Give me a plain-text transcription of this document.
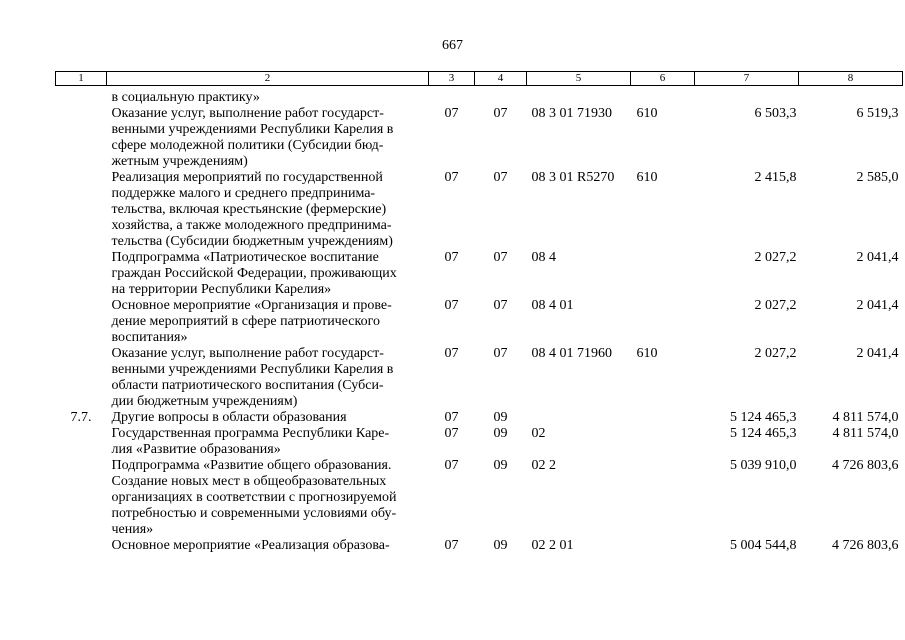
667
1	2	3	4	5	6	7	8

	в социальную практику»						

	Оказание услуг, выполнение работ государст-
венными учреждениями Республики Карелия в
сфере молодежной политики (Субсидии бюд-
жетным учреждениям)	07	07	08 3 01 71930	610	6 503,3	6 519,3

	Реализация мероприятий по государственной
поддержке малого и среднего предпринима-
тельства, включая крестьянские (фермерские)
хозяйства, а также молодежного предпринима-
тельства (Субсидии бюджетным учреждениям)	07	07	08 3 01 R5270	610	2 415,8	2 585,0

	Подпрограмма «Патриотическое воспитание
граждан Российской Федерации, проживающих
на территории Республики Карелия»	07	07	08 4		2 027,2	2 041,4

	Основное мероприятие «Организация и прове-
дение мероприятий в сфере патриотического
воспитания»	07	07	08 4 01		2 027,2	2 041,4

	Оказание услуг, выполнение работ государст-
венными учреждениями Республики Карелия в
области патриотического воспитания (Субси-
дии бюджетным учреждениям)	07	07	08 4 01 71960	610	2 027,2	2 041,4
7.7.	Другие вопросы в области образования	07	09			5 124 465,3	4 811 574,0

	Государственная программа Республики Каре-
лия «Развитие образования»	07	09	02		5 124 465,3	4 811 574,0

	Подпрограмма «Развитие общего образования.
Создание новых мест в общеобразовательных
организациях в соответствии с прогнозируемой
потребностью и современными условиями обу-
чения»	07	09	02 2		5 039 910,0	4 726 803,6

	Основное мероприятие «Реализация образова-	07	09	02 2 01		5 004 544,8	4 726 803,6
